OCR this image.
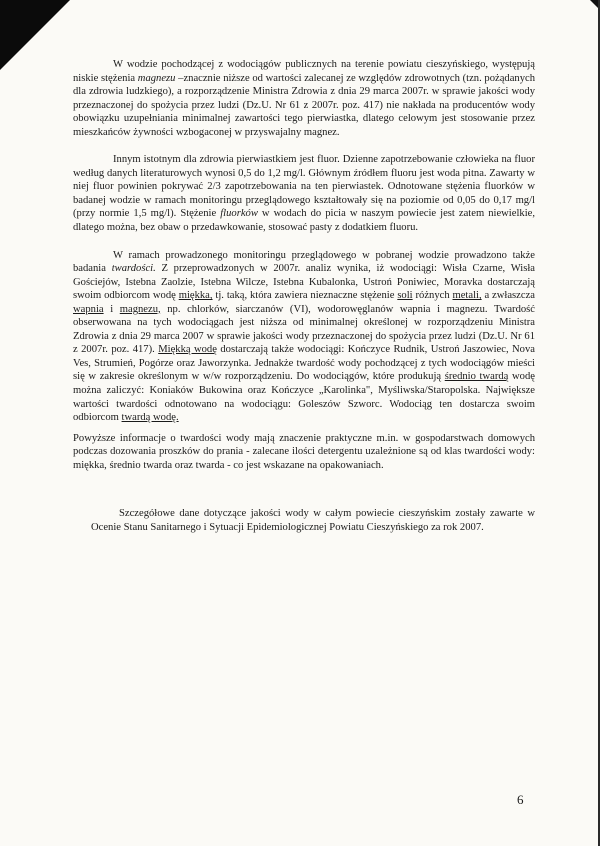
W wodzie pochodzącej z wodociągów publicznych na terenie powiatu cieszyńskiego, występują niskie stężenia magnezu –znacznie niższe od wartości zalecanej ze względów zdrowotnych (tzn. pożądanych dla zdrowia ludzkiego), a rozporządzenie Ministra Zdrowia z dnia 29 marca 2007r. w sprawie jakości wody przeznaczonej do spożycia przez ludzi (Dz.U. Nr 61 z 2007r. poz. 417) nie nakłada na producentów wody obowiązku uzupełniania minimalnej zawartości tego pierwiastka, dlatego celowym jest stosowanie przez mieszkańców żywności wzbogaconej w przyswajalny magnez.

Innym istotnym dla zdrowia pierwiastkiem jest fluor. Dzienne zapotrzebowanie człowieka na fluor według danych literaturowych wynosi 0,5 do 1,2 mg/l. Głównym źródłem fluoru jest woda pitna. Zawarty w niej fluor powinien pokrywać 2/3 zapotrzebowania na ten pierwiastek. Odnotowane stężenia fluorków w badanej wodzie w ramach monitoringu przeglądowego kształtowały się na poziomie od 0,05 do 0,17 mg/l (przy normie 1,5 mg/l). Stężenie fluorków w wodach do picia w naszym powiecie jest zatem niewielkie, dlatego można, bez obaw o przedawkowanie, stosować pasty z dodatkiem fluoru.

W ramach prowadzonego monitoringu przeglądowego w pobranej wodzie prowadzono także badania twardości. Z przeprowadzonych w 2007r. analiz wynika, iż wodociągi: Wisła Czarne, Wisła Gościejów, Istebna Zaolzie, Istebna Wilcze, Istebna Kubalonka, Ustroń Poniwiec, Moravka dostarczają swoim odbiorcom wodę miękka, tj. taką, która zawiera nieznaczne stężenie soli różnych metali, a zwłaszcza wapnia i magnezu, np. chlorków, siarczanów (VI), wodorowęglanów wapnia i magnezu. Twardość obserwowana na tych wodociągach jest niższa od minimalnej określonej w rozporządzeniu Ministra Zdrowia z dnia 29 marca 2007 w sprawie jakości wody przeznaczonej do spożycia przez ludzi (Dz.U. Nr 61 z 2007r. poz. 417). Miękką wodę dostarczają także wodociągi: Kończyce Rudnik, Ustroń Jaszowiec, Nova Ves, Strumień, Pogórze oraz Jaworzynka. Jednakże twardość wody pochodzącej z tych wodociągów mieści się w zakresie określonym w w/w rozporządzeniu. Do wodociągów, które produkują średnio twardą wodę można zaliczyć: Koniaków Bukowina oraz Kończyce „Karolinka", Myśliwska/Staropolska. Największe wartości twardości odnotowano na wodociągu: Goleszów Szworc. Wodociąg ten dostarcza swoim odbiorcom twardą wodę.

Powyższe informacje o twardości wody mają znaczenie praktyczne m.in. w gospodarstwach domowych podczas dozowania proszków do prania - zalecane ilości detergentu uzależnione są od klas twardości wody: miękka, średnio twarda oraz twarda - co jest wskazane na opakowaniach.

Szczegółowe dane dotyczące jakości wody w całym powiecie cieszyńskim zostały zawarte w Ocenie Stanu Sanitarnego i Sytuacji Epidemiologicznej Powiatu Cieszyńskiego za rok 2007.

6
